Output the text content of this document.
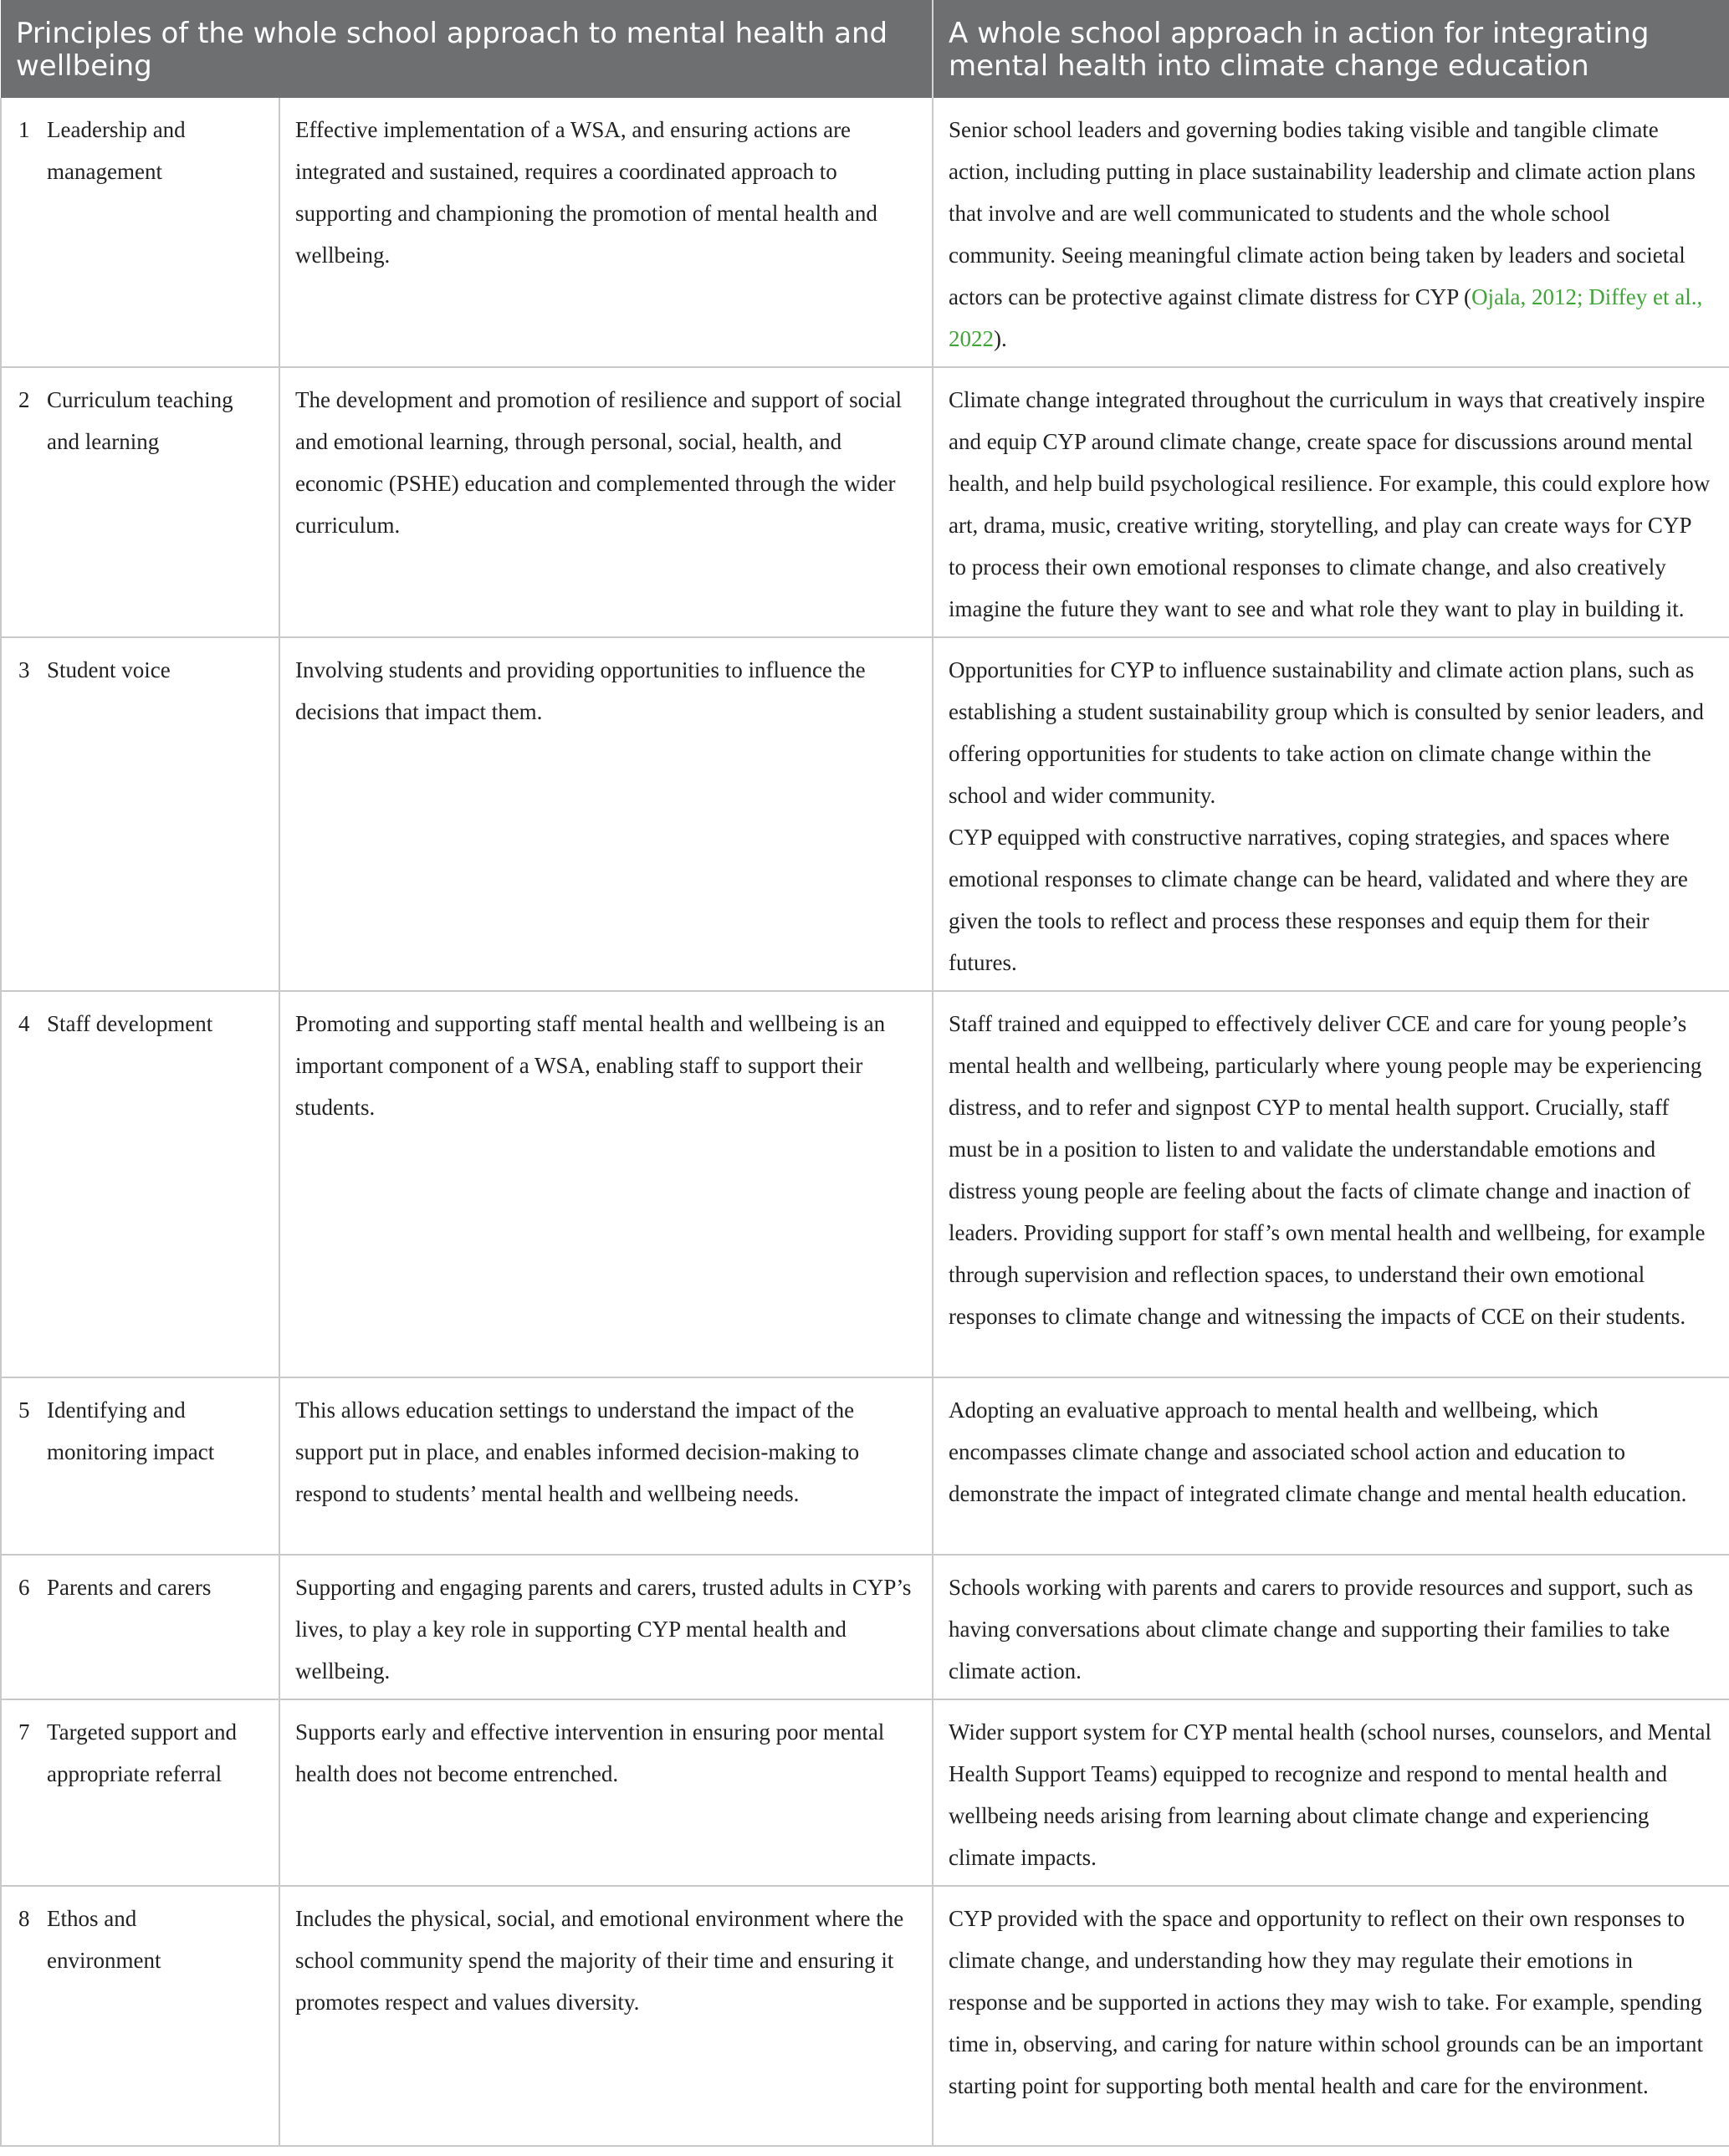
Principles of the whole school approach to mental health and wellbeing		A whole school approach in action for integrating mental health into climate change education
1 Leadership and management	Effective implementation of a WSA, and ensuring actions are integrated and sustained, requires a coordinated approach to supporting and championing the promotion of mental health and wellbeing.	Senior school leaders and governing bodies taking visible and tangible climate action, including putting in place sustainability leadership and climate action plans that involve and are well communicated to students and the whole school community. Seeing meaningful climate action being taken by leaders and societal actors can be protective against climate distress for CYP (Ojala, 2012; Diffey et al., 2022).
2 Curriculum teaching and learning	The development and promotion of resilience and support of social and emotional learning, through personal, social, health, and economic (PSHE) education and complemented through the wider curriculum.	Climate change integrated throughout the curriculum in ways that creatively inspire and equip CYP around climate change, create space for discussions around mental health, and help build psychological resilience. For example, this could explore how art, drama, music, creative writing, storytelling, and play can create ways for CYP to process their own emotional responses to climate change, and also creatively imagine the future they want to see and what role they want to play in building it.
3 Student voice	Involving students and providing opportunities to influence the decisions that impact them.	Opportunities for CYP to influence sustainability and climate action plans, such as establishing a student sustainability group which is consulted by senior leaders, and offering opportunities for students to take action on climate change within the school and wider community.
CYP equipped with constructive narratives, coping strategies, and spaces where emotional responses to climate change can be heard, validated and where they are given the tools to reflect and process these responses and equip them for their futures.

4 Staff development	Promoting and supporting staff mental health and wellbeing is an important component of a WSA, enabling staff to support their students.	Staff trained and equipped to effectively deliver CCE and care for young people’s mental health and wellbeing, particularly where young people may be experiencing distress, and to refer and signpost CYP to mental health support. Crucially, staff must be in a position to listen to and validate the understandable emotions and distress young people are feeling about the facts of climate change and inaction of leaders. Providing support for staff’s own mental health and wellbeing, for example through supervision and reflection spaces, to understand their own emotional responses to climate change and witnessing the impacts of CCE on their students.
5 Identifying and monitoring impact	This allows education settings to understand the impact of the support put in place, and enables informed decision-making to respond to students’ mental health and wellbeing needs.	Adopting an evaluative approach to mental health and wellbeing, which encompasses climate change and associated school action and education to demonstrate the impact of integrated climate change and mental health education.
6 Parents and carers	Supporting and engaging parents and carers, trusted adults in CYP’s lives, to play a key role in supporting CYP mental health and wellbeing.	Schools working with parents and carers to provide resources and support, such as having conversations about climate change and supporting their families to take climate action.
7 Targeted support and appropriate referral	Supports early and effective intervention in ensuring poor mental health does not become entrenched.	Wider support system for CYP mental health (school nurses, counselors, and Mental Health Support Teams) equipped to recognize and respond to mental health and wellbeing needs arising from learning about climate change and experiencing climate impacts.
8 Ethos and environment	Includes the physical, social, and emotional environment where the school community spend the majority of their time and ensuring it promotes respect and values diversity.	CYP provided with the space and opportunity to reflect on their own responses to climate change, and understanding how they may regulate their emotions in response and be supported in actions they may wish to take. For example, spending time in, observing, and caring for nature within school grounds can be an important starting point for supporting both mental health and care for the environment.
